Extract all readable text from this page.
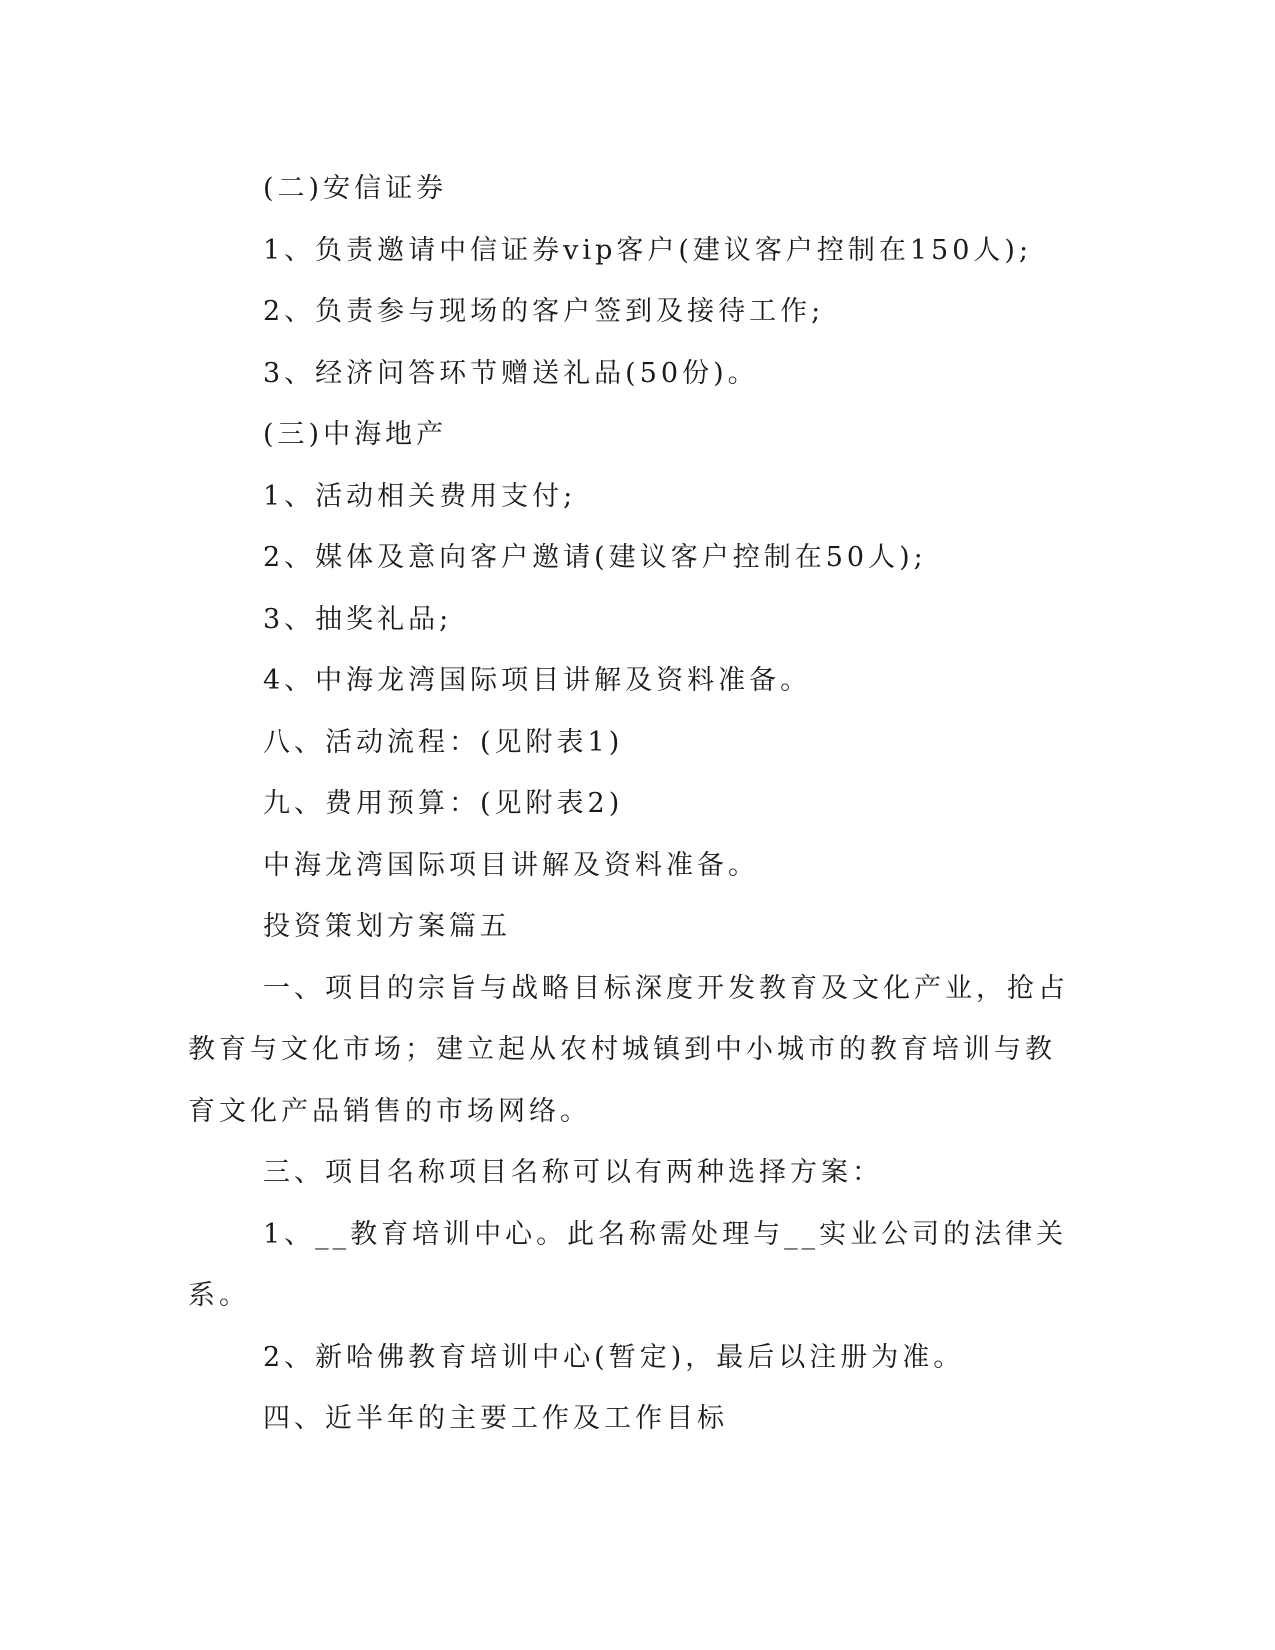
(二)安信证券

1、负责邀请中信证券vip客户(建议客户控制在150人);

2、负责参与现场的客户签到及接待工作;

3、经济问答环节赠送礼品(50份)。

(三)中海地产

1、活动相关费用支付;

2、媒体及意向客户邀请(建议客户控制在50人);

3、抽奖礼品;

4、中海龙湾国际项目讲解及资料准备。

八、活动流程：(见附表1)

九、费用预算：(见附表2)

中海龙湾国际项目讲解及资料准备。

投资策划方案篇五

一、项目的宗旨与战略目标深度开发教育及文化产业，抢占教育与文化市场；建立起从农村城镇到中小城市的教育培训与教育文化产品销售的市场网络。

三、项目名称项目名称可以有两种选择方案：

1、__教育培训中心。此名称需处理与__实业公司的法律关系。

2、新哈佛教育培训中心(暂定)，最后以注册为准。

四、近半年的主要工作及工作目标
